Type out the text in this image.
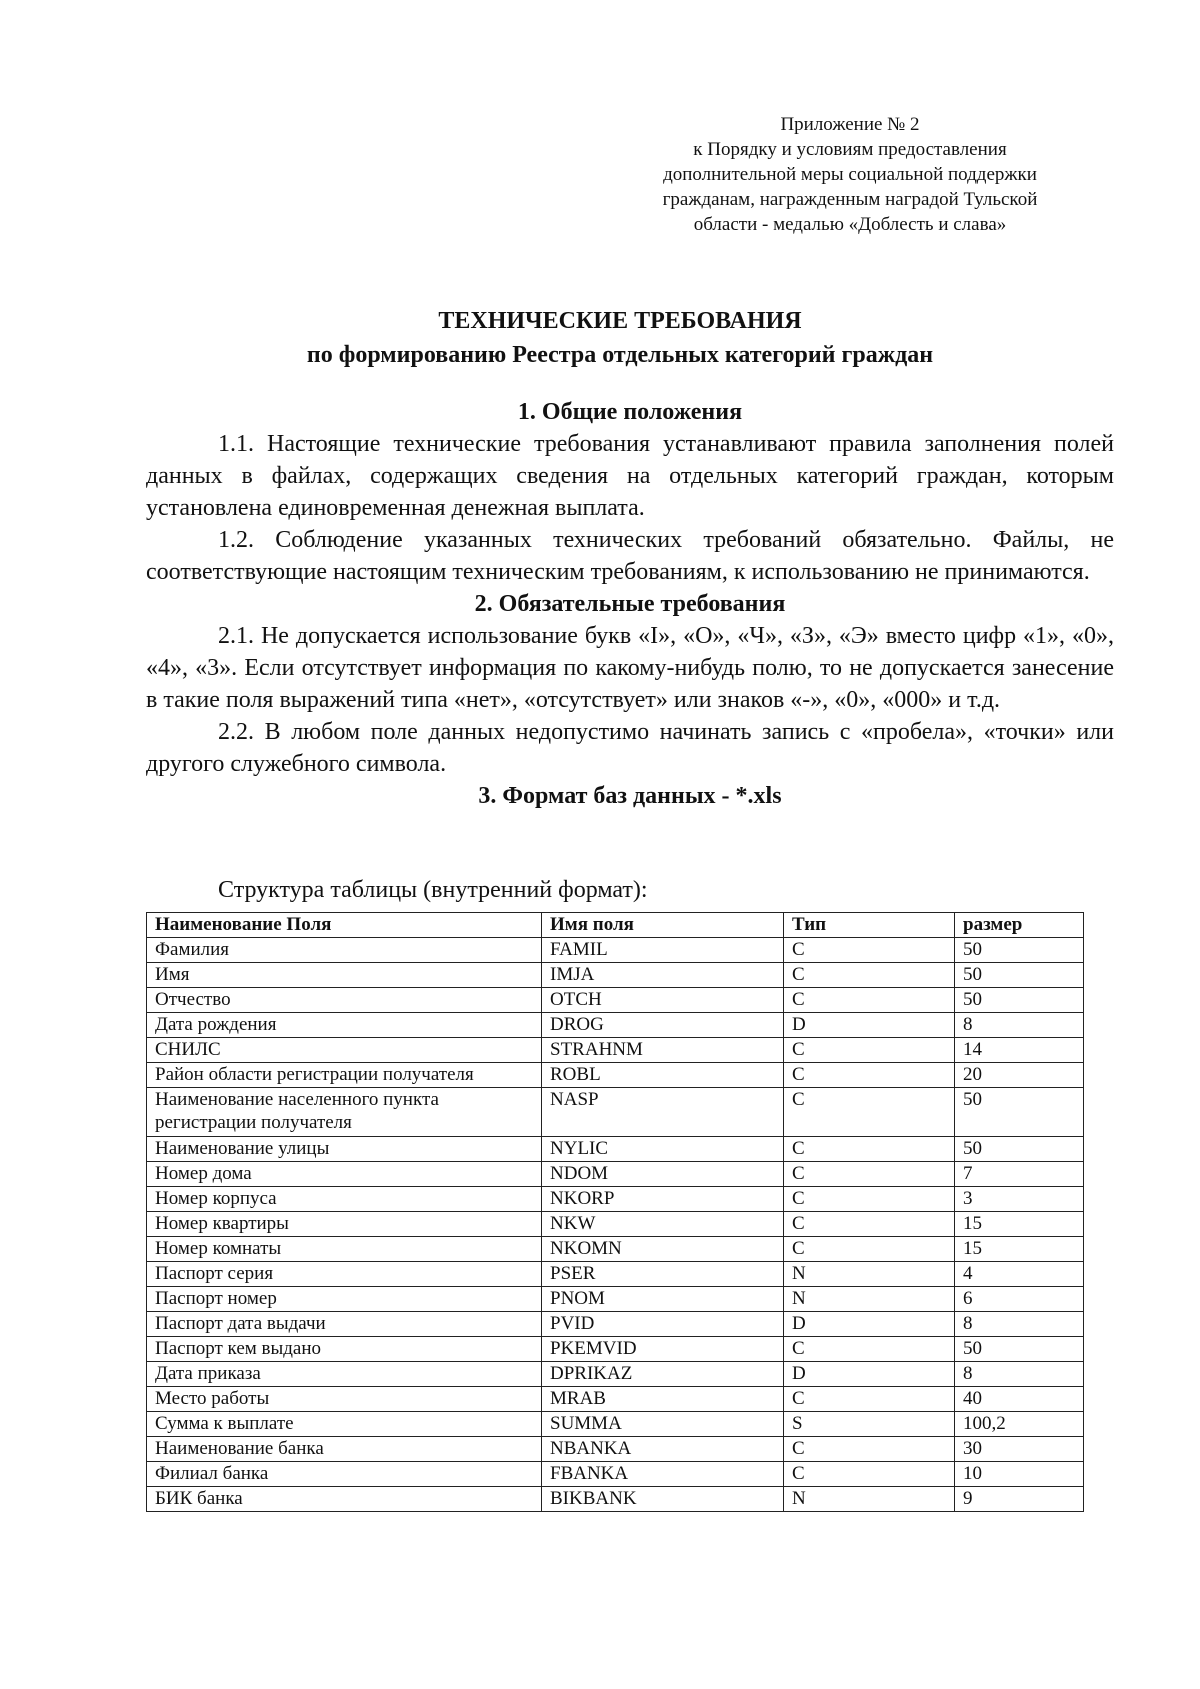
Приложение № 2
к Порядку и условиям предоставления
дополнительной меры социальной поддержки
гражданам, награжденным наградой Тульской
области - медалью «Доблесть и слава»
ТЕХНИЧЕСКИЕ ТРЕБОВАНИЯ
по формированию Реестра отдельных категорий граждан

1. Общие положения

1.1. Настоящие технические требования устанавливают правила заполнения полей данных в файлах, содержащих сведения на отдельных категорий граждан, которым установлена единовременная денежная выплата.

1.2. Соблюдение указанных технических требований обязательно. Файлы, не соответствующие настоящим техническим требованиям, к использованию не принимаются.

2. Обязательные требования

2.1. Не допускается использование букв «I», «O», «Ч», «З», «Э» вместо цифр «1», «0», «4», «3». Если отсутствует информация по какому-нибудь полю, то не допускается занесение в такие поля выражений типа «нет», «отсутствует» или знаков «-», «0», «000» и т.д.

2.2. В любом поле данных недопустимо начинать запись с «пробела», «точки» или другого служебного символа.

3. Формат баз данных - *.xls

Структура таблицы (внутренний формат):
Наименование Поля	Имя поля	Тип	размер
Фамилия	FAMIL	C	50
Имя	IMJA	C	50
Отчество	OTCH	C	50
Дата рождения	DROG	D	8
СНИЛС	STRAHNM	C	14
Район области регистрации получателя	ROBL	C	20
Наименование населенного пункта регистрации получателя	NASP	C	50
Наименование улицы	NYLIC	C	50
Номер дома	NDOM	C	7
Номер корпуса	NKORP	C	3
Номер квартиры	NKW	C	15
Номер комнаты	NKOMN	C	15
Паспорт серия	PSER	N	4
Паспорт номер	PNOM	N	6
Паспорт дата выдачи	PVID	D	8
Паспорт кем выдано	PKEMVID	C	50
Дата приказа	DPRIKAZ	D	8
Место работы	MRAB	C	40
Сумма к выплате	SUMMA	S	100,2
Наименование банка	NBANKA	C	30
Филиал банка	FBANKA	C	10
БИК банка	BIKBANK	N	9
